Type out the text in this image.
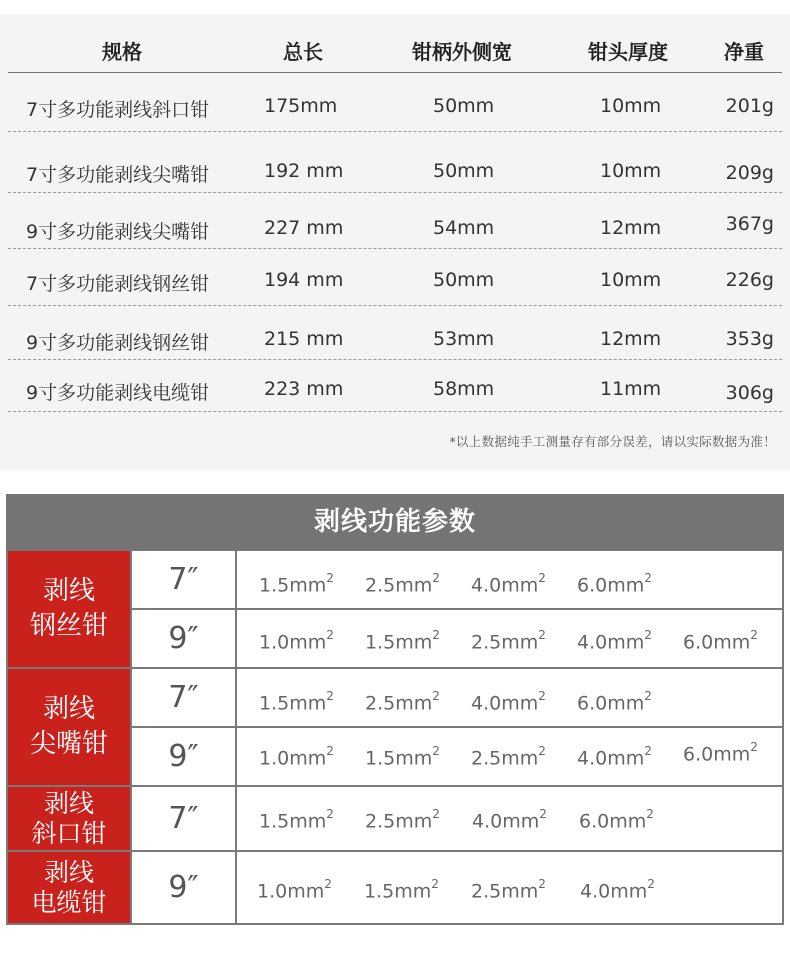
规格	总长	钳柄外侧宽	钳头厚度	净重
7寸多功能剥线斜口钳	175mm	50mm	10mm	201g
7寸多功能剥线尖嘴钳	192 mm	50mm	10mm	209g
9寸多功能剥线尖嘴钳	227 mm	54mm	12mm	367g
7寸多功能剥线钢丝钳	194 mm	50mm	10mm	226g
9寸多功能剥线钢丝钳	215 mm	53mm	12mm	353g
9寸多功能剥线电缆钳	223 mm	58mm	11mm	306g
*以上数据纯手工测量存有部分误差，请以实际数据为准！
剥线功能参数
剥线
钢丝钳
7″	$1.5mm^2$ $2.5mm^2$ $4.0mm^2$ $6.0mm^2$
9″	$1.0mm^2$ $1.5mm^2$ $2.5mm^2$ $4.0mm^2$ $6.0mm^2$
剥线
尖嘴钳
7″	$1.5mm^2$ $2.5mm^2$ $4.0mm^2$ $6.0mm^2$
9″	$1.0mm^2$ $1.5mm^2$ $2.5mm^2$ $4.0mm^2$ $6.0mm^2$
剥线
斜口钳	7″	$1.5mm^2$ $2.5mm^2$ $4.0mm^2$ $6.0mm^2$
剥线
电缆钳	9″	$1.0mm^2$ $1.5mm^2$ $2.5mm^2$ $4.0mm^2$
